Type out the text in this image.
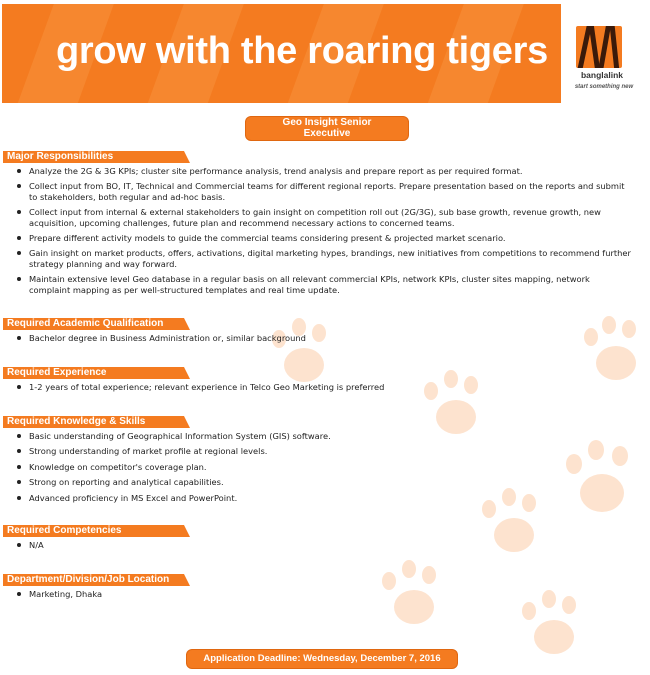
grow with the roaring tigers
banglalink
start something new
Geo Insight Senior
Executive
Major Responsibilities
Analyze the 2G & 3G KPIs; cluster site performance analysis, trend analysis and prepare report as per required format.
Collect input from BO, IT, Technical and Commercial teams for different regional reports. Prepare presentation based on the reports and submit to stakeholders, both regular and ad-hoc basis.
Collect input from internal & external stakeholders to gain insight on competition roll out (2G/3G), sub base growth, revenue growth, new acquisition, upcoming challenges, future plan and recommend necessary actions to concerned teams.
Prepare different activity models to guide the commercial teams considering present & projected market scenario.
Gain insight on market products, offers, activations, digital marketing hypes, brandings, new initiatives from competitions to recommend further strategy planning and way forward.
Maintain extensive level Geo database in a regular basis on all relevant commercial KPIs, network KPIs, cluster sites mapping, network complaint mapping as per well-structured templates and real time update.
Required Academic Qualification
Bachelor degree in Business Administration or, similar background
Required Experience
1-2 years of total experience; relevant experience in Telco Geo Marketing is preferred
Required Knowledge & Skills
Basic understanding of Geographical Information System (GIS) software.
Strong understanding of market profile at regional levels.
Knowledge on competitor's coverage plan.
Strong on reporting and analytical capabilities.
Advanced proficiency in MS Excel and PowerPoint.
Required Competencies
N/A
Department/Division/Job Location
Marketing, Dhaka
Application Deadline: Wednesday, December 7, 2016
